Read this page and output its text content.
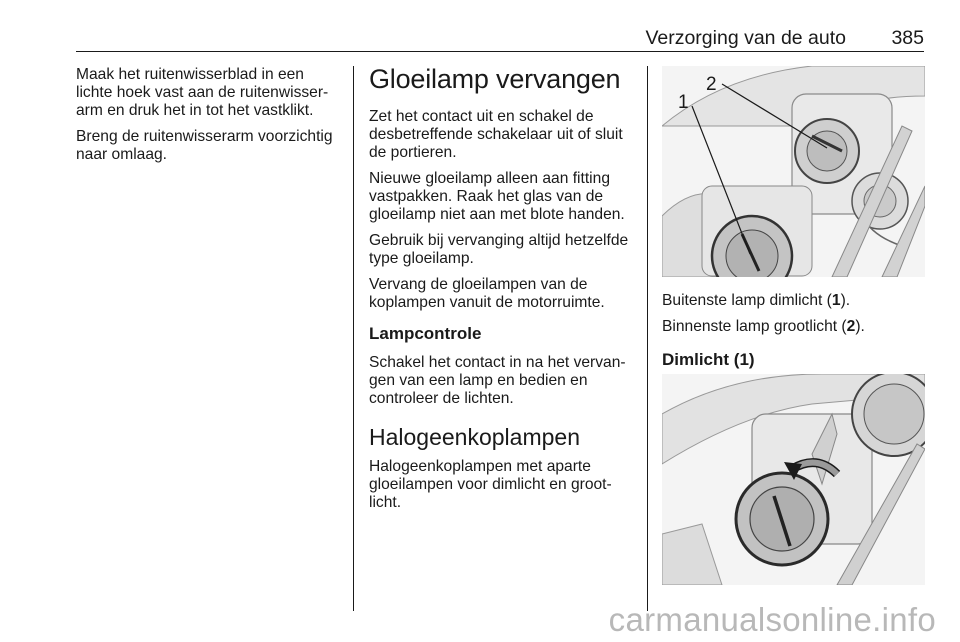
Verzorging van de auto 385

Maak het ruitenwisserblad in een lichte hoek vast aan de ruitenwisser-arm en druk het in tot het vastklikt.

Breng de ruitenwisserarm voorzichtig naar omlaag.

Gloeilamp vervangen

Zet het contact uit en schakel de desbetreffende schakelaar uit of sluit de portieren.

Nieuwe gloeilamp alleen aan fitting vastpakken. Raak het glas van de gloeilamp niet aan met blote handen.

Gebruik bij vervanging altijd hetzelfde type gloeilamp.

Vervang de gloeilampen van de koplampen vanuit de motorruimte.

Lampcontrole

Schakel het contact in na het vervan-gen van een lamp en bedien en controleer de lichten.

Halogeenkoplampen

Halogeenkoplampen met aparte gloeilampen voor dimlicht en groot-licht.

1
2

Buitenste lamp dimlicht (1).

Binnenste lamp grootlicht (2).

Dimlicht (1)
carmanualsonline.info
